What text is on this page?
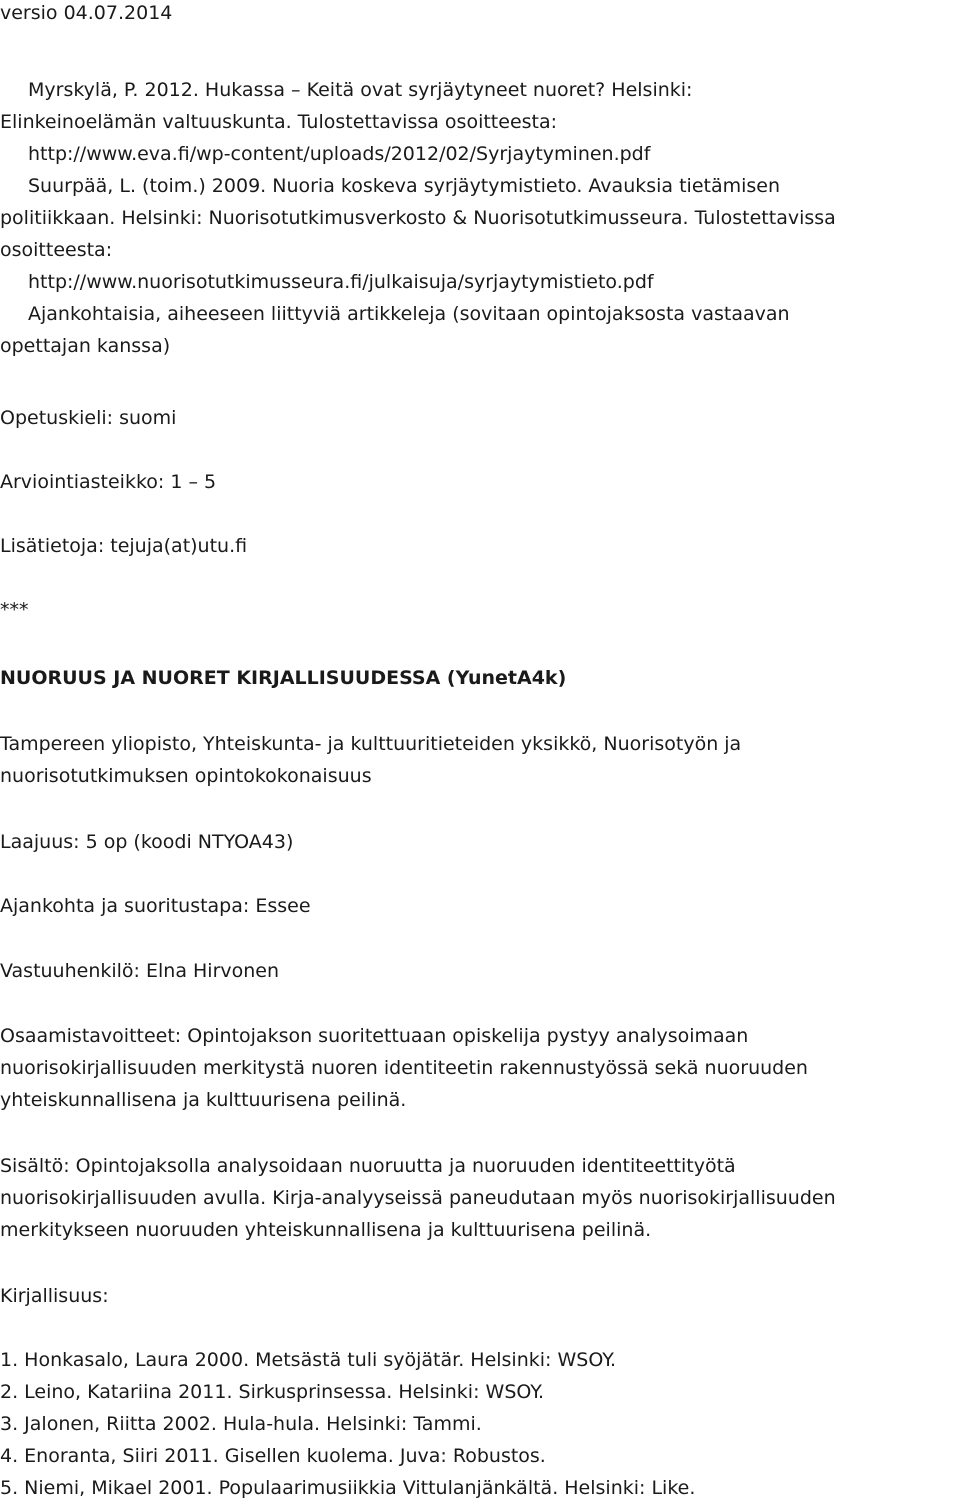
versio 04.07.2014
Myrskylä, P. 2012. Hukassa – Keitä ovat syrjäytyneet nuoret? Helsinki:
Elinkeinoelämän valtuuskunta. Tulostettavissa osoitteesta:
http://www.eva.fi/wp-content/uploads/2012/02/Syrjaytyminen.pdf
Suurpää, L. (toim.) 2009. Nuoria koskeva syrjäytymistieto. Avauksia tietämisen
politiikkaan. Helsinki: Nuorisotutkimusverkosto & Nuorisotutkimusseura. Tulostettavissa
osoitteesta:
http://www.nuorisotutkimusseura.fi/julkaisuja/syrjaytymistieto.pdf
Ajankohtaisia, aiheeseen liittyviä artikkeleja (sovitaan opintojaksosta vastaavan
opettajan kanssa)
Opetuskieli: suomi
Arviointiasteikko: 1 – 5
Lisätietoja: tejuja(at)utu.fi
***
NUORUUS JA NUORET KIRJALLISUUDESSA (YunetA4k)
Tampereen yliopisto, Yhteiskunta- ja kulttuuritieteiden yksikkö, Nuorisotyön ja
nuorisotutkimuksen opintokokonaisuus
Laajuus: 5 op (koodi NTYOA43)
Ajankohta ja suoritustapa: Essee
Vastuuhenkilö: Elna Hirvonen
Osaamistavoitteet: Opintojakson suoritettuaan opiskelija pystyy analysoimaan
nuorisokirjallisuuden merkitystä nuoren identiteetin rakennustyössä sekä nuoruuden
yhteiskunnallisena ja kulttuurisena peilinä.
Sisältö: Opintojaksolla analysoidaan nuoruutta ja nuoruuden identiteettityötä
nuorisokirjallisuuden avulla. Kirja-analyyseissä paneudutaan myös nuorisokirjallisuuden
merkitykseen nuoruuden yhteiskunnallisena ja kulttuurisena peilinä.
Kirjallisuus:
1. Honkasalo, Laura 2000. Metsästä tuli syöjätär. Helsinki: WSOY.
2. Leino, Katariina 2011. Sirkusprinsessa. Helsinki: WSOY.
3. Jalonen, Riitta 2002. Hula-hula. Helsinki: Tammi.
4. Enoranta, Siiri 2011. Gisellen kuolema. Juva: Robustos.
5. Niemi, Mikael 2001. Populaarimusiikkia Vittulanjänkältä. Helsinki: Like.
